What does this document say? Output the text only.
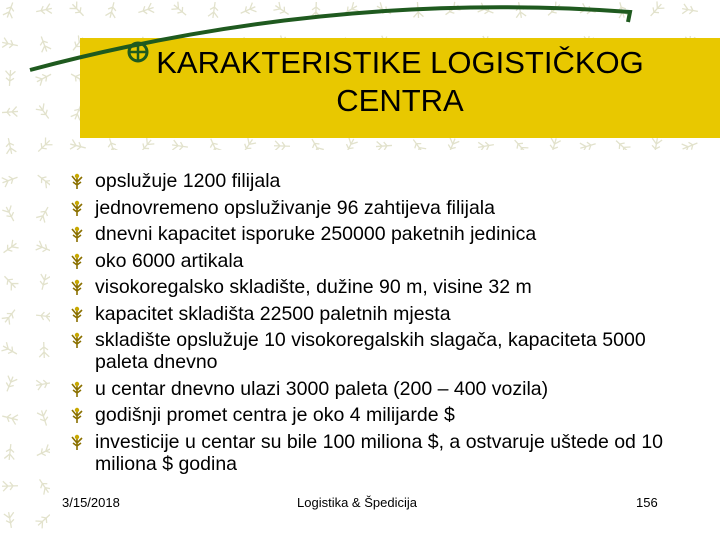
KARAKTERISTIKE LOGISTIČKOG CENTRA
opslužuje 1200 filijala
jednovremeno opsluživanje 96 zahtijeva filijala
dnevni kapacitet isporuke 250000 paketnih jedinica
oko 6000 artikala
visokoregalsko skladište, dužine 90 m, visine 32 m
kapacitet skladišta 22500 paletnih mjesta
skladište opslužuje 10 visokoregalskih slagača, kapaciteta 5000 paleta dnevno
u centar dnevno ulazi 3000 paleta (200 – 400 vozila)
godišnji promet centra je oko 4 milijarde $
investicije u centar su bile 100 miliona $, a ostvaruje uštede od 10 miliona $ godina
3/15/2018	Logistika & Špedicija	156
